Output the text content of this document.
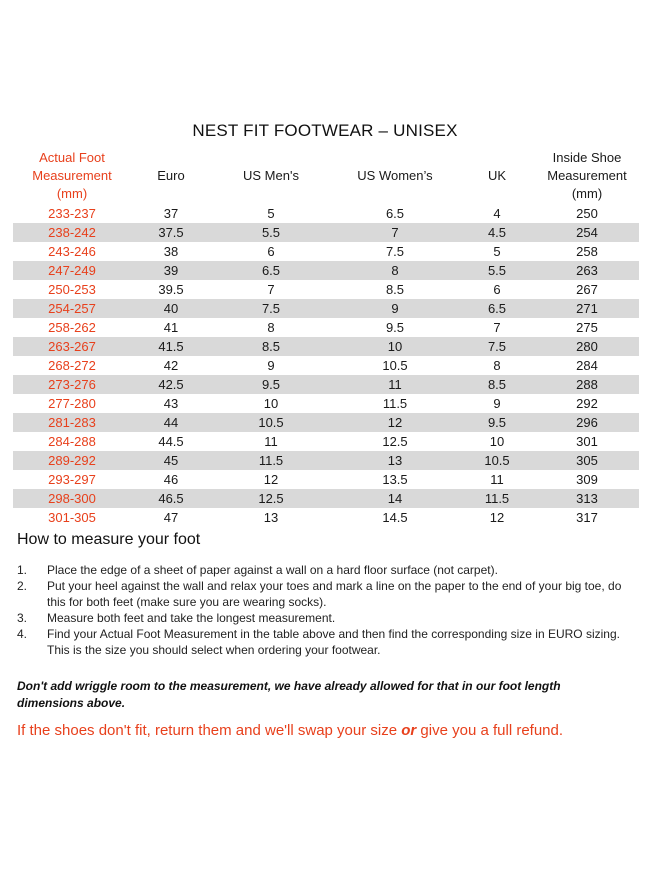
NEST FIT FOOTWEAR – UNISEX
Actual Foot
Measurement
(mm)
Euro	US Men's	US Women’s	UK
Inside Shoe
Measurement
(mm)
233-237	37	5	6.5	4	250
238-242	37.5	5.5	7	4.5	254
243-246	38	6	7.5	5	258
247-249	39	6.5	8	5.5	263
250-253	39.5	7	8.5	6	267
254-257	40	7.5	9	6.5	271
258-262	41	8	9.5	7	275
263-267	41.5	8.5	10	7.5	280
268-272	42	9	10.5	8	284
273-276	42.5	9.5	11	8.5	288
277-280	43	10	11.5	9	292
281-283	44	10.5	12	9.5	296
284-288	44.5	11	12.5	10	301
289-292	45	11.5	13	10.5	305
293-297	46	12	13.5	11	309
298-300	46.5	12.5	14	11.5	313
301-305	47	13	14.5	12	317
How to measure your foot
1.	Place the edge of a sheet of paper against a wall on a hard floor surface (not carpet).
2.	Put your heel against the wall and relax your toes and mark a line on the paper to the end of your big toe, do this for both feet (make sure you are wearing socks).
3.	Measure both feet and take the longest measurement.
4.	Find your Actual Foot Measurement in the table above and then find the corresponding size in EURO sizing. This is the size you should select when ordering your footwear.
Don't add wriggle room to the measurement, we have already allowed for that in our foot length dimensions above.
If the shoes don't fit, return them and we'll swap your size or give you a full refund.
